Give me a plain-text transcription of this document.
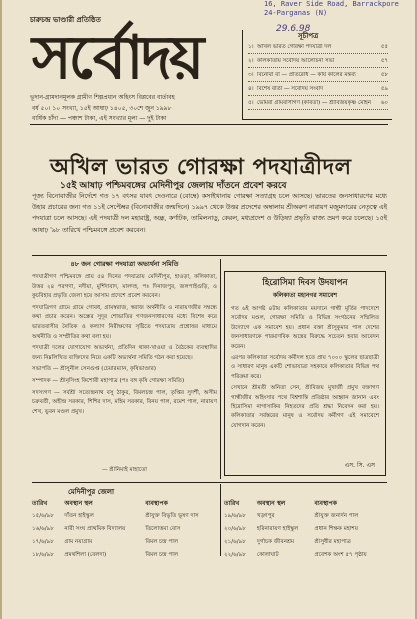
16, Raver Side Road, Barrackpore
24-Parganas (N)
29.6.98
চারুচন্দ্র ভাণ্ডারী প্রতিষ্ঠিত
সর্বোদয়
ভূদান-গ্রামদানমূলক গ্রামীণ শিল্পপ্রধান অহিংস বিপ্লবের বার্তাবহ
বর্ষ ৫০। ১০ সংখ্যা, ১৫ই আষাঢ় ১৪০৫, ৩০শে জুন ১৯৯৮
বার্ষিক চাঁদা — পঞ্চাশ টাকা, এই সংখ্যার মূল্য — দুই টাকা
সূচীপত্র
১। অখিল ভারত গোরক্ষা পদযাত্রী দল	৫৫
২। কলিকাতায় সর্বোদয় আলোচনা সভা	৫৭
৩। বিনোবা বা — প্রতিরোধ — কার্য কালের মন্তব্য	৫৮
৪। বিশেষ বার্তা — সর্বোদয় সংবাদ	৫৯
৫। ভোমরা গ্রামবাসীগণ (কবিতা) — শ্রীবিজয়কৃষ্ণ মোহন	৬০
অখিল ভারত গোরক্ষা পদযাত্রীদল
১৫ই আষাঢ় পশ্চিমবঙ্গের মেদিনীপুর জেলায় দাঁতনে প্রবেশ করবে
পূজ্য বিনোবাজীর নির্দেশে গত ১৭ বৎসর যাবৎ দেওনারে (বোম্বে) কসাইখানায় গোরক্ষা সত্যাগ্রহ চলে আসছে। ভারতের জনসাধারণের মধ্যে উহার প্রচারের জন্য গত ১১ই সেপ্টেম্বর (বিনোবাজীর জন্মদিনে) ১৯৯৭ থেকে উত্তর প্রদেশের অম্বালায় শ্রীঅরুণ নারায়ণ মজুমদারের নেতৃত্বে এই পদযাত্রা চলে আসছে। এই পদযাত্রী দল মহারাষ্ট্র, অন্ধ্র, কর্ণাটক, তামিলনাড়ু, কেরল, মধ্যপ্রদেশ ও উড়িষ্যা প্রভৃতি রাজ্য ভ্রমণ করে চলেছে। ১৫ই আষাঢ় '৯৮ তারিখে পশ্চিমবঙ্গে প্রবেশ করবেন।
৪৮ জন গোরক্ষা পদযাত্রা অভ্যর্থনা সমিতি

পদযাত্রীগণ পশ্চিমবঙ্গে প্রায় ৫৪ দিনের পদযাত্রায় মেদিনীপুর, হাওড়া, কলিকাতা, উত্তর ২৪ পরগণা, নদীয়া, মুর্শিদাবাদ, মালদহ, পঃ দিনাজপুর, জলপাইগুড়ি, ও কুচবিহার প্রভৃতি জেলা হয়ে আসাম প্রদেশে প্রবেশ করবেন।

পদযাত্রিগণ গ্রামে গ্রামে গোবধ, গ্রামস্বরাজ, স্বরাজ অর্থনীতি ও নারায়ণজীর সম্বন্ধে কথা প্রচার করেন। অন্ধ্রের সুদূর শোভাতির গণজনসাধারণের মধ্যে বিশেষ করে ভারতবাসীর নৈতিক ও কল্যাণ নিরীক্ষণের সৃষ্টিতে পদযাত্রায় প্রশ্নোত্তর মাধ্যমে অর্থনীতি ও সম্প্রীতির কথা বলা হয়।

পদযাত্রী দলের যোগাযোগ অভ্যর্থনা, প্রতিদিন থাকা-খাওয়া ও বৈঠকের ব্যবস্থাদির জন্য নিম্নলিখিত ব্যক্তিদের নিয়ে একটি অভ্যর্থনা সমিতি গঠন করা হয়েছে।

সভাপতি — শ্রীসুনীল সেনগুপ্ত (চেয়ারম্যান, কৃষিভাণ্ডার)

সম্পাদক — শ্রীনৃসিংহ কিশোরী মহাপাত্র (পঃ বঙ্গ কৃষি গোরক্ষা সমিতি)

সদস্যগণ — সর্বশ্রী সত্যেন্দ্রনাথ বসু ঠাকুর, বিমলচন্দ্র পাল, তৃপ্তির সুদর্শী, অসীম চক্রবর্তী, অহীন্দ্র সরকার, শিশির দাস, মহিম সরকার, বিনয় পাল, রমেশ পাল, নারায়ণ শেখ, ভুবন মণ্ডল প্রমুখ।

— শ্রীনিমাই মাহাতো
হিরোসিমা দিবস উদযাপন
কলিকাতা মহানগর সমাবেশ

গত ৬ই আগষ্ট ৪টায় কলিকাতার ময়দানে গান্ধী মূর্তির পাদদেশে সর্বোদয় মণ্ডল, গোরক্ষা সমিতি ও বিভিন্ন সংগঠনের সম্মিলিত উদ্যোগে এক সমাবেশ হয়। প্রধান বক্তা শ্রীসুকুমার পাল দেশের জনসাধারণকে পারমাণবিক অস্ত্রের বিরুদ্ধে সচেতন হবার আবেদন করেন।

এরপর কলিকাতা সর্বোদয় কর্মীদল হতে প্রায় ৭০০০ স্কুলের ছাত্রছাত্রী ও সাধারণ মানুষ একটি শোভাযাত্রা সহকারে কলিকাতার বিভিন্ন পথ পরিক্রমা করে।

সেখানে শ্রীমতী অনিতা সেন, শ্রীবিজয় মুখার্জী প্রমুখ বক্তাগণ গান্ধীজীর অহিংসার পথে বিশ্বশান্তি প্রতিষ্ঠার আহ্বান জানান এবং হিরোসিমা নাগাসাকির নিহতদের প্রতি শ্রদ্ধা নিবেদন করা হয়। কলিকাতার সর্বস্তরের মানুষ ও সর্বোদয় কর্মীগণ এই সমাবেশে যোগদান করেন।

এস. সি. এস
মেদিনীপুর জেলা
তারিখ	অবস্থান স্থল	ব্যবস্থাপক
১৫/৬/৯৮	দাঁতন হাইস্কুল	শ্রীযুক্ত বিভূতি ভূষণ দাস
১৬/৬/৯৮	নারী সংঘ প্রাথমিক বিদ্যালয়	তিলোত্তমা বোস
১৭/৬/৯৮	গ্রাম নয়াগ্রাম	বিমল চন্দ্র পাল
১৮/৬/৯৮	প্রমথশিলা (বেলদা)	বিমল চন্দ্র পাল
তারিখ	অবস্থান স্থল	ব্যবস্থাপক
১৯/৬/৯৮	খড়্গপুর	শ্রীযুক্ত জনার্দন পাল
২০/৬/৯৮	হরিনারায়ণ হাইস্কুল	প্রধান শিক্ষক মহাশয়
২১/৬/৯৮	দুর্গাচক জীবনশ্রম	শ্রীসুধীর মহাপাত্র
২২/৬/৯৮	কোলাঘাট	প্রবেশক অংশ ৫৭ পৃষ্ঠায়
